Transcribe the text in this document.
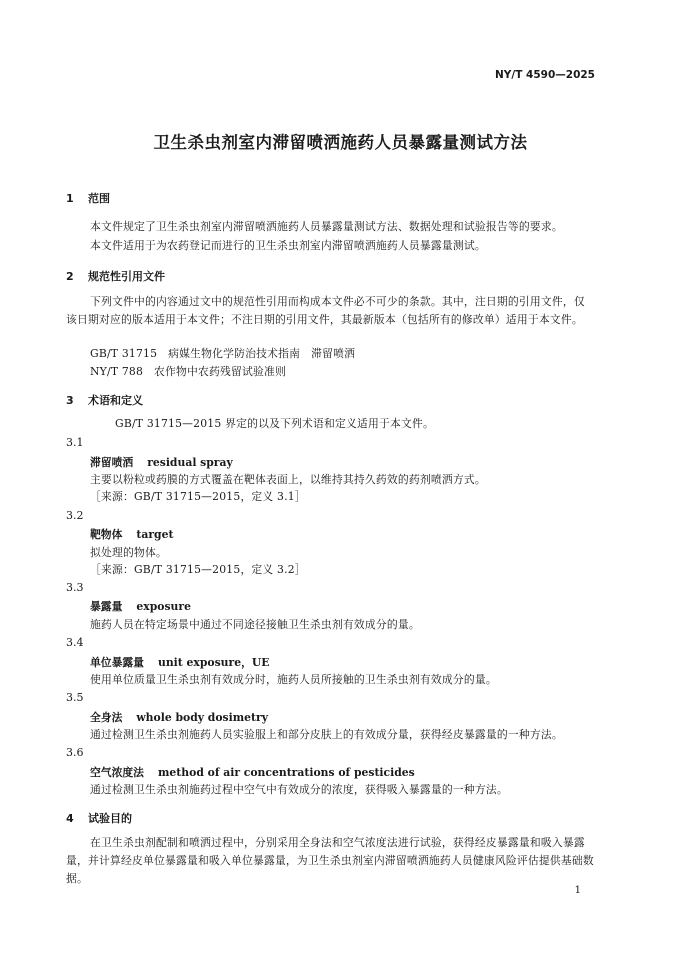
NY/T 4590—2025
卫生杀虫剂室内滞留喷洒施药人员暴露量测试方法
1 范围
本文件规定了卫生杀虫剂室内滞留喷洒施药人员暴露量测试方法、数据处理和试验报告等的要求。
本文件适用于为农药登记而进行的卫生杀虫剂室内滞留喷洒施药人员暴露量测试。
2 规范性引用文件
下列文件中的内容通过文中的规范性引用而构成本文件必不可少的条款。其中，注日期的引用文件，仅该日期对应的版本适用于本文件；不注日期的引用文件，其最新版本（包括所有的修改单）适用于本文件。
GB/T 31715　病媒生物化学防治技术指南　滞留喷洒
NY/T 788　农作物中农药残留试验准则
3 术语和定义
GB/T 31715—2015 界定的以及下列术语和定义适用于本文件。
3.1
滞留喷洒 residual spray
主要以粉粒或药膜的方式覆盖在靶体表面上，以维持其持久药效的药剂喷洒方式。
［来源：GB/T 31715—2015，定义 3.1］
3.2
靶物体 target
拟处理的物体。
［来源：GB/T 31715—2015，定义 3.2］
3.3
暴露量 exposure
施药人员在特定场景中通过不同途径接触卫生杀虫剂有效成分的量。
3.4
单位暴露量 unit exposure，UE
使用单位质量卫生杀虫剂有效成分时，施药人员所接触的卫生杀虫剂有效成分的量。
3.5
全身法 whole body dosimetry
通过检测卫生杀虫剂施药人员实验服上和部分皮肤上的有效成分量，获得经皮暴露量的一种方法。
3.6
空气浓度法 method of air concentrations of pesticides
通过检测卫生杀虫剂施药过程中空气中有效成分的浓度，获得吸入暴露量的一种方法。
4 试验目的
在卫生杀虫剂配制和喷洒过程中，分别采用全身法和空气浓度法进行试验，获得经皮暴露量和吸入暴露量，并计算经皮单位暴露量和吸入单位暴露量，为卫生杀虫剂室内滞留喷洒施药人员健康风险评估提供基础数据。
1
